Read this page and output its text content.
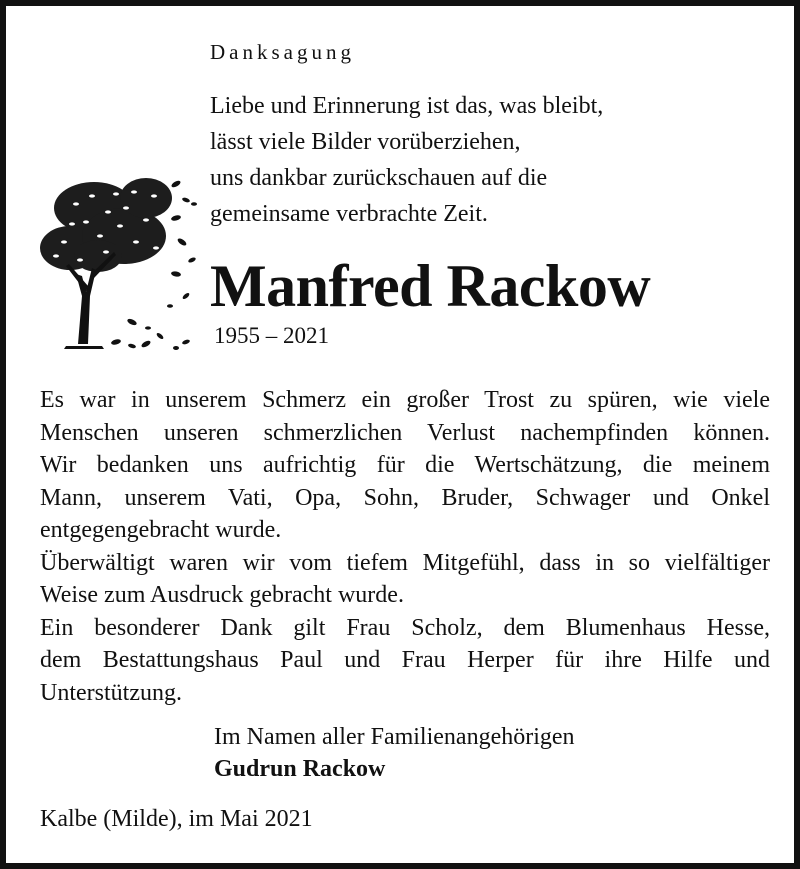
Danksagung
Liebe und Erinnerung ist das, was bleibt,
lässt viele Bilder vorüberziehen,
uns dankbar zurückschauen auf die
gemeinsame verbrachte Zeit.
Manfred Rackow
1955 – 2021
Es war in unserem Schmerz ein großer Trost zu spüren, wie viele
Menschen unseren schmerzlichen Verlust nachempfinden können.
Wir bedanken uns aufrichtig für die Wertschätzung, die meinem
Mann, unserem Vati, Opa, Sohn, Bruder, Schwager und Onkel
entgegengebracht wurde.
Überwältigt waren wir vom tiefem Mitgefühl, dass in so vielfältiger
Weise zum Ausdruck gebracht wurde.
Ein besonderer Dank gilt Frau Scholz, dem Blumenhaus Hesse,
dem Bestattungshaus Paul und Frau Herper für ihre Hilfe und
Unterstützung.
Im Namen aller Familienangehörigen
Gudrun Rackow
Kalbe (Milde), im Mai 2021
